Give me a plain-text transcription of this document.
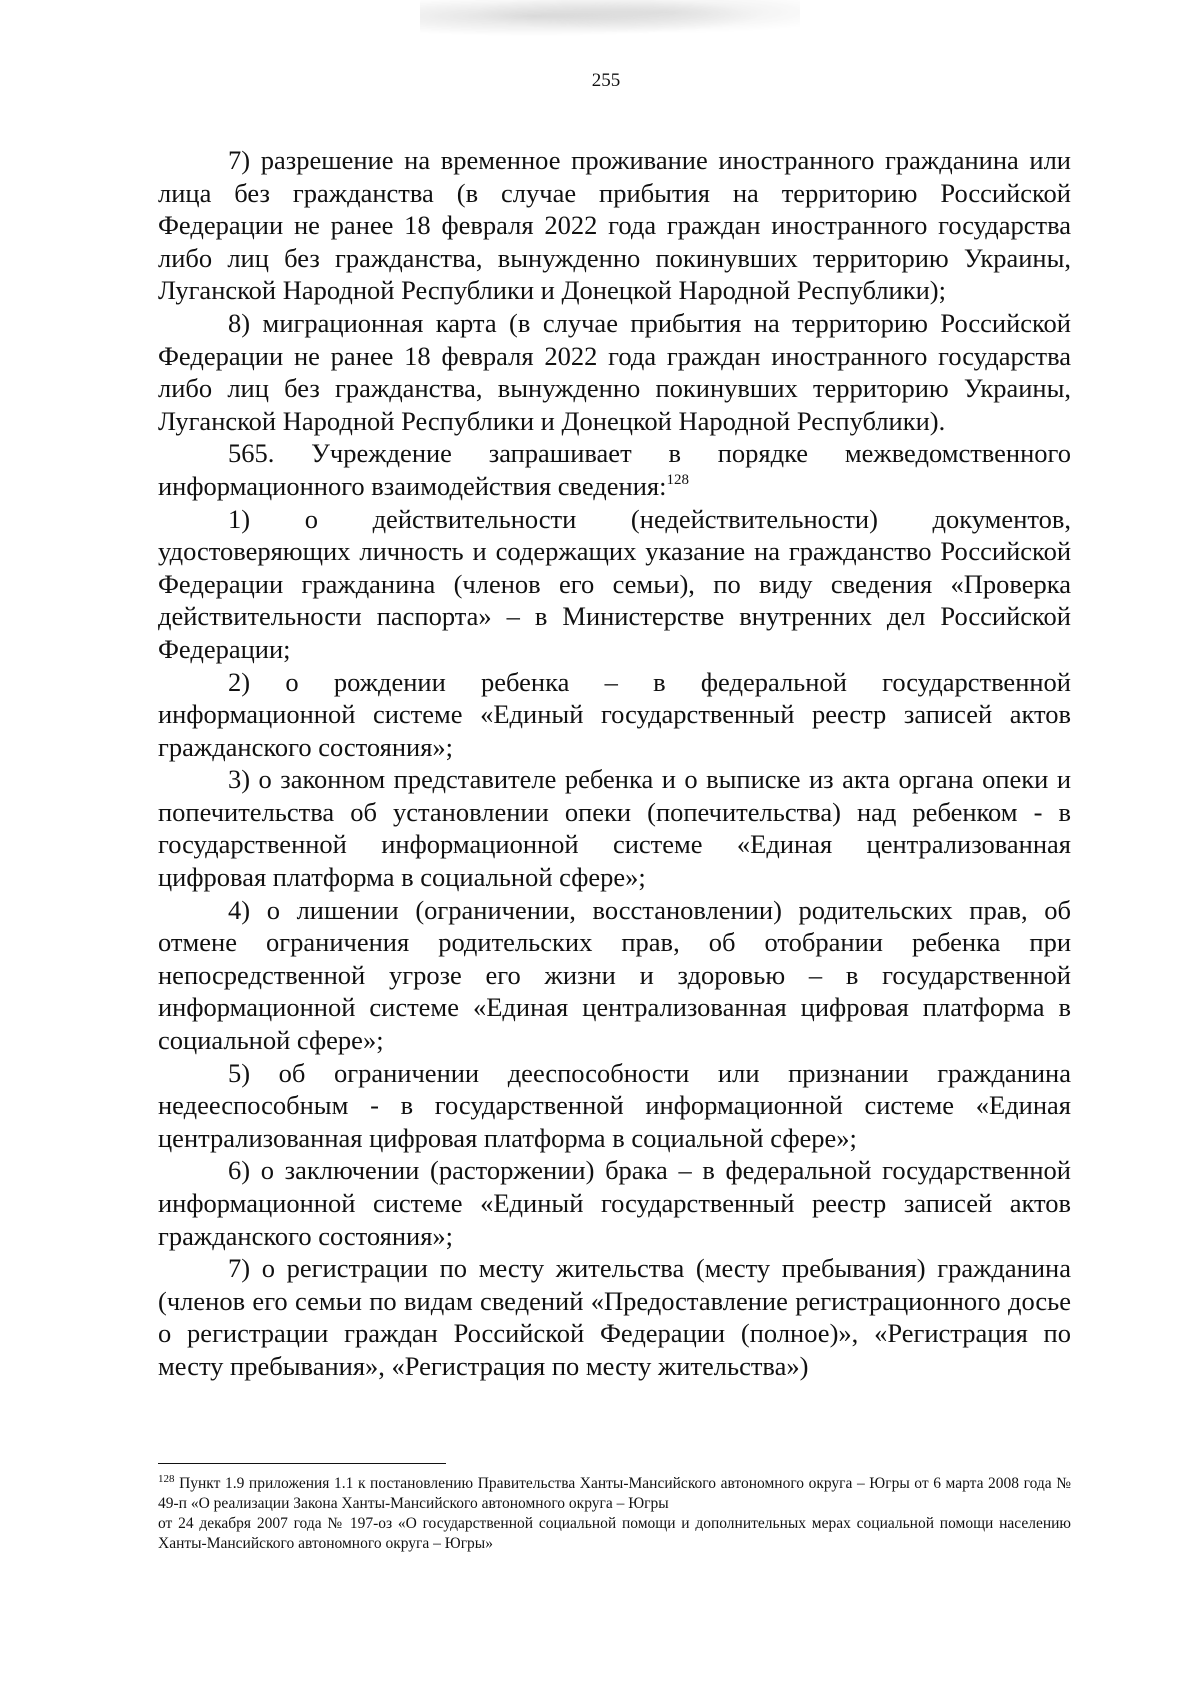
255

7) разрешение на временное проживание иностранного гражданина или лица без гражданства (в случае прибытия на территорию Российской Федерации не ранее 18 февраля 2022 года граждан иностранного государства либо лиц без гражданства, вынужденно покинувших территорию Украины, Луганской Народной Республики и Донецкой Народной Республики);

8) миграционная карта (в случае прибытия на территорию Российской Федерации не ранее 18 февраля 2022 года граждан иностранного государства либо лиц без гражданства, вынужденно покинувших территорию Украины, Луганской Народной Республики и Донецкой Народной Республики).

565. Учреждение запрашивает в порядке межведомственного информационного взаимодействия сведения:$^{128}$

1) о действительности (недействительности) документов, удостоверяющих личность и содержащих указание на гражданство Российской Федерации гражданина (членов его семьи), по виду сведения «Проверка действительности паспорта» – в Министерстве внутренних дел Российской Федерации;

2) о рождении ребенка – в федеральной государственной информационной системе «Единый государственный реестр записей актов гражданского состояния»;

3) о законном представителе ребенка и о выписке из акта органа опеки и попечительства об установлении опеки (попечительства) над ребенком - в государственной информационной системе «Единая централизованная цифровая платформа в социальной сфере»;

4) о лишении (ограничении, восстановлении) родительских прав, об отмене ограничения родительских прав, об отобрании ребенка при непосредственной угрозе его жизни и здоровью – в государственной информационной системе «Единая централизованная цифровая платформа в социальной сфере»;

5) об ограничении дееспособности или признании гражданина недееспособным - в государственной информационной системе «Единая централизованная цифровая платформа в социальной сфере»;

6) о заключении (расторжении) брака – в федеральной государственной информационной системе «Единый государственный реестр записей актов гражданского состояния»;

7) о регистрации по месту жительства (месту пребывания) гражданина (членов его семьи по видам сведений «Предоставление регистрационного досье о регистрации граждан Российской Федерации (полное)», «Регистрация по месту пребывания», «Регистрация по месту жительства»)

$^{128}$ Пункт 1.9 приложения 1.1 к постановлению Правительства Ханты-Мансийского автономного округа – Югры от 6 марта 2008 года № 49-п «О реализации Закона Ханты-Мансийского автономного округа – Югры

от 24 декабря 2007 года № 197-оз «О государственной социальной помощи и дополнительных мерах социальной помощи населению Ханты-Мансийского автономного округа – Югры»
